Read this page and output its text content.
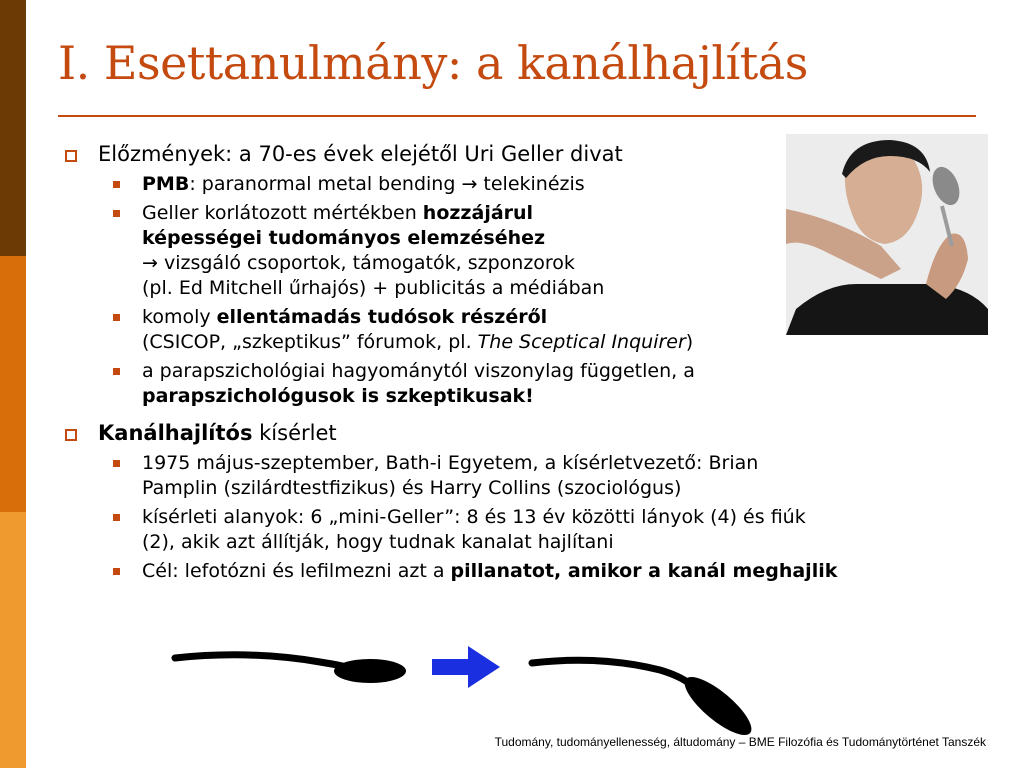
I. Esettanulmány: a kanálhajlítás
Előzmények: a 70-es évek elejétől Uri Geller divat
PMB: paranormal metal bending → telekinézis
Geller korlátozott mértékben hozzájárul
képességei tudományos elemzéséhez
→ vizsgáló csoportok, támogatók, szponzorok
(pl. Ed Mitchell űrhajós) + publicitás a médiában
komoly ellentámadás tudósok részéről
(CSICOP, „szkeptikus” fórumok, pl. The Sceptical Inquirer)
a parapszichológiai hagyománytól viszonylag független, a
parapszichológusok is szkeptikusak!
Kanálhajlítós kísérlet
1975 május-szeptember, Bath-i Egyetem, a kísérletvezető: Brian
Pamplin (szilárdtestfizikus) és Harry Collins (szociológus)
kísérleti alanyok: 6 „mini-Geller”: 8 és 13 év közötti lányok (4) és fiúk
(2), akik azt állítják, hogy tudnak kanalat hajlítani
Cél: lefotózni és lefilmezni azt a pillanatot, amikor a kanál meghajlik
Tudomány, tudományellenesség, áltudomány – BME Filozófia és Tudománytörténet Tanszék
